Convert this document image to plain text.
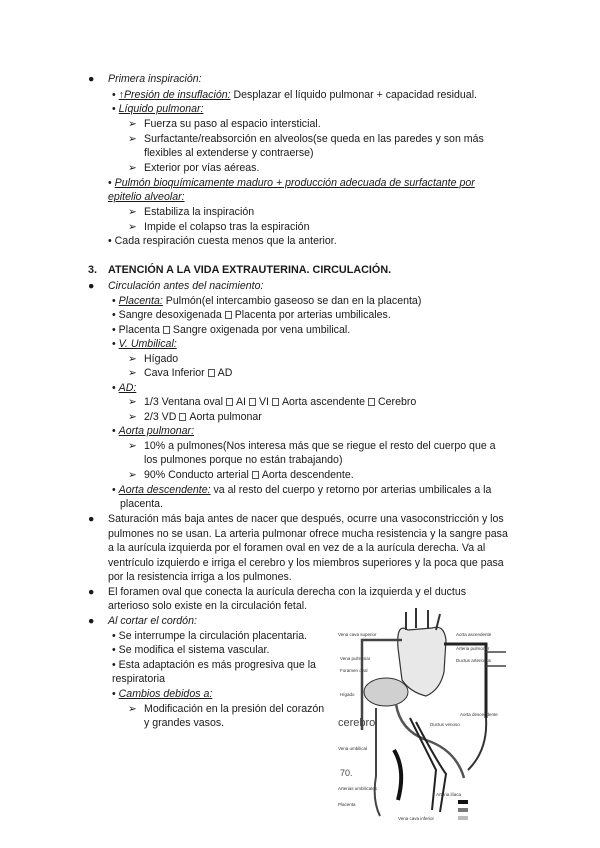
● Primera inspiración:
• ↑Presión de insuflación: Desplazar el líquido pulmonar + capacidad residual.
• Líquido pulmonar:
➢ Fuerza su paso al espacio intersticial.
➢ Surfactante/reabsorción en alveolos(se queda en las paredes y son más
flexibles al extenderse y contraerse)
➢ Exterior por vías aéreas.
• Pulmón bioquímicamente maduro + producción adecuada de surfactante por
epitelio alveolar:
➢ Estabiliza la inspiración
➢ Impide el colapso tras la espiración
• Cada respiración cuesta menos que la anterior.
3. ATENCIÓN A LA VIDA EXTRAUTERINA. CIRCULACIÓN.
● Circulación antes del nacimiento:
• Placenta: Pulmón(el intercambio gaseoso se dan en la placenta)
• Sangre desoxigenada Placenta por arterias umbilicales.
• Placenta Sangre oxigenada por vena umbilical.
• V. Umbilical:
➢ Hígado
➢ Cava Inferior AD
• AD:
➢ 1/3 Ventana oval AI VI Aorta ascendente Cerebro
➢ 2/3 VD Aorta pulmonar
• Aorta pulmonar:
➢ 10% a pulmones(Nos interesa más que se riegue el resto del cuerpo que a
los pulmones porque no están trabajando)
➢ 90% Conducto arterial Aorta descendente.
• Aorta descendente: va al resto del cuerpo y retorno por arterias umbilicales a la
placenta.
● Saturación más baja antes de nacer que después, ocurre una vasoconstricción y los
pulmones no se usan. La arteria pulmonar ofrece mucha resistencia y la sangre pasa
a la aurícula izquierda por el foramen oval en vez de a la aurícula derecha. Va al
ventrículo izquierdo e irriga el cerebro y los miembros superiores y la poca que pasa
por la resistencia irriga a los pulmones.
● El foramen oval que conecta la aurícula derecha con la izquierda y el ductus
arterioso solo existe en la circulación fetal.
● Al cortar el cordón:
• Se interrumpe la circulación placentaria.
• Se modifica el sistema vascular.
• Esta adaptación es más progresiva que la
respiratoria
• Cambios debidos a:
➢ Modificación en la presión del corazón
y grandes vasos.
Vena cava superior	Aorta ascendente
Arteria pulmonar
Ductus arteriosus
Vena pulmonar
Foramen oval
Aorta descendente
Hígado
Ductus venoso
Vena umbilical
Arterias umbilicales
Placenta
Arteria ilíaca
Vena cava inferior
cerebro
70.
